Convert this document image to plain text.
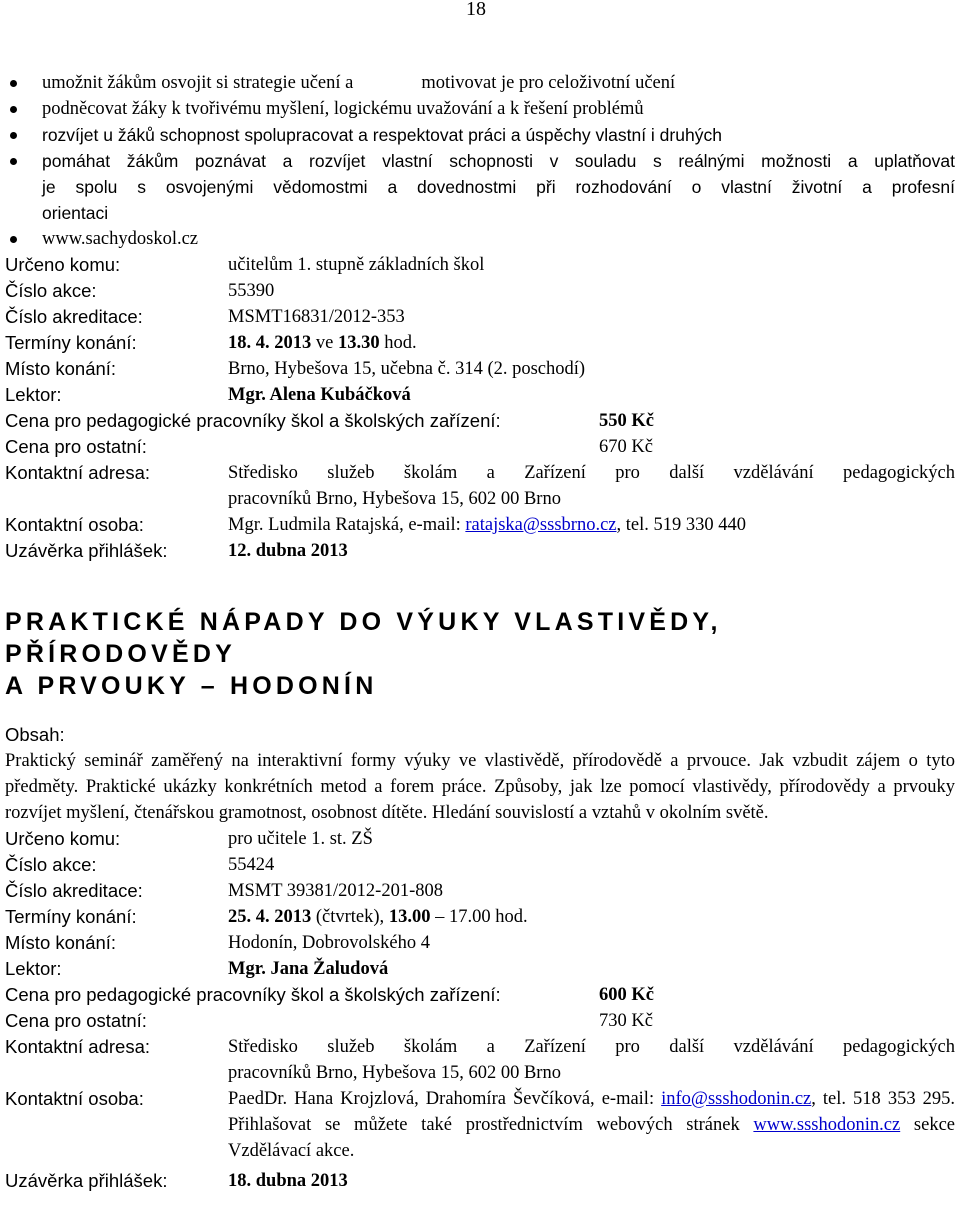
18
umožnit žákům osvojit si strategie učení a	motivovat je pro celoživotní učení
podněcovat žáky k tvořivému myšlení, logickému uvažování a k řešení problémů
rozvíjet u žáků schopnost spolupracovat a respektovat práci a úspěchy vlastní i druhých
pomáhat žákům poznávat a rozvíjet vlastní schopnosti v souladu s reálnými možnosti a uplatňovat
je spolu s osvojenými vědomostmi a dovednostmi při rozhodování o vlastní životní a profesní
orientaci
www.sachydoskol.cz
Určeno komu:	učitelům 1. stupně základních škol
Číslo akce:	55390
Číslo akreditace:	MSMT16831/2012-353
Termíny konání:	18. 4. 2013 ve 13.30 hod.
Místo konání:	Brno, Hybešova 15, učebna č. 314 (2. poschodí)
Lektor:	Mgr. Alena Kubáčková
Cena pro pedagogické pracovníky škol a školských zařízení:	550 Kč
Cena pro ostatní:	670 Kč
Kontaktní adresa:	Středisko služeb školám a Zařízení pro další vzdělávání pedagogických
pracovníků Brno, Hybešova 15, 602 00 Brno
Kontaktní osoba:	Mgr. Ludmila Ratajská, e-mail: ratajska@sssbrno.cz, tel. 519 330 440
Uzávěrka přihlášek:	12. dubna 2013
PRAKTICKÉ NÁPADY DO VÝUKY VLASTIVĚDY, PŘÍRODOVĚDY
A PRVOUKY – HODONÍN
Obsah:
Praktický seminář zaměřený na interaktivní formy výuky ve vlastivědě, přírodovědě a prvouce. Jak vzbudit zájem o tyto předměty. Praktické ukázky konkrétních metod a forem práce. Způsoby, jak lze pomocí vlastivědy, přírodovědy a prvouky rozvíjet myšlení, čtenářskou gramotnost, osobnost dítěte. Hledání souvislostí a vztahů v okolním světě.
Určeno komu:	pro učitele 1. st. ZŠ
Číslo akce:	55424
Číslo akreditace:	MSMT 39381/2012-201-808
Termíny konání:	25. 4. 2013 (čtvrtek), 13.00 – 17.00 hod.
Místo konání:	Hodonín, Dobrovolského 4
Lektor:	Mgr. Jana Žaludová
Cena pro pedagogické pracovníky škol a školských zařízení:	600 Kč
Cena pro ostatní:	730 Kč
Kontaktní adresa:	Středisko služeb školám a Zařízení pro další vzdělávání pedagogických
pracovníků Brno, Hybešova 15, 602 00 Brno
Kontaktní osoba:	PaedDr. Hana Krojzlová, Drahomíra Ševčíková, e-mail: info@ssshodonin.cz, tel. 518 353 295. Přihlašovat se můžete také prostřednictvím webových stránek www.ssshodonin.cz sekce Vzdělávací akce.
Uzávěrka přihlášek:	18. dubna 2013
